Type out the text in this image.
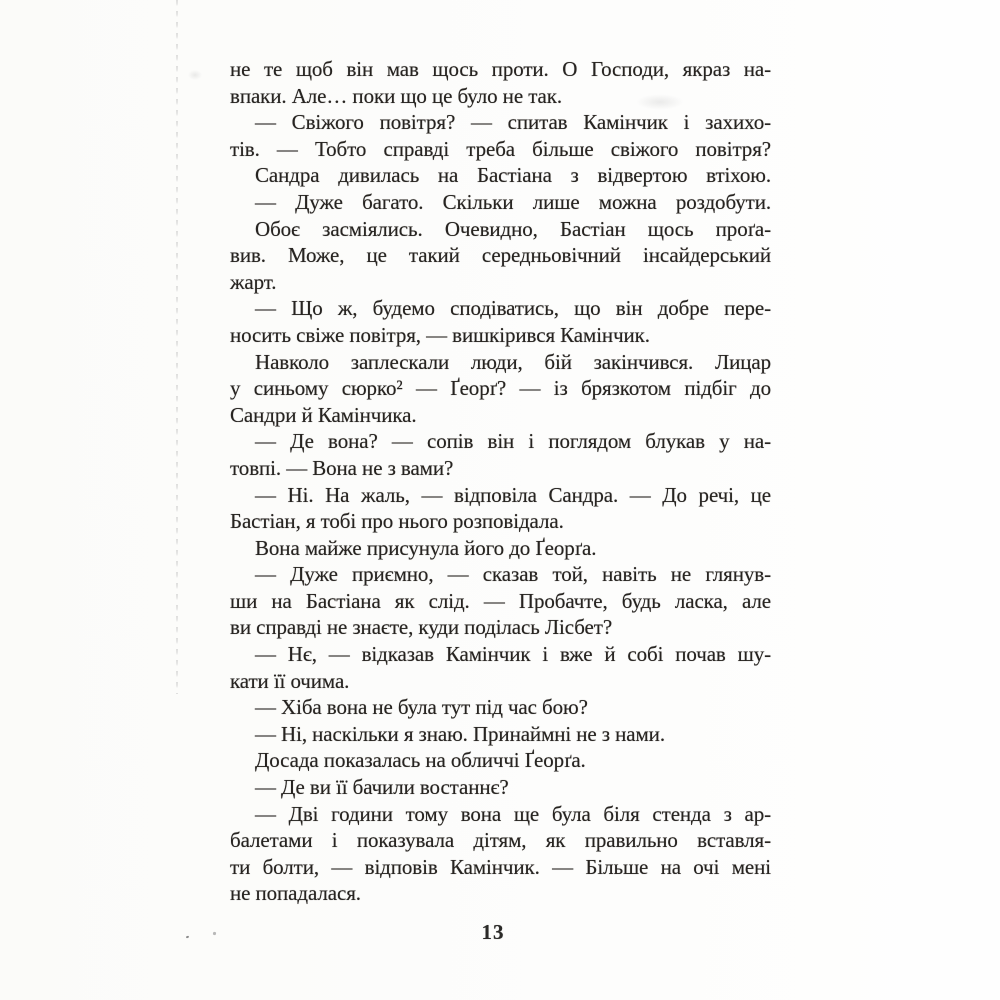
не те щоб він мав щось проти. О Господи, якраз на-
впаки. Але… поки що це було не так.
— Свіжого повітря? — спитав Камінчик і захихо-
тів. — Тобто справді треба більше свіжого повітря?
Сандра дивилась на Бастіана з відвертою втіхою.
— Дуже багато. Скільки лише можна роздобути.
Обоє засміялись. Очевидно, Бастіан щось проґа-
вив. Може, це такий середньовічний інсайдерський
жарт.
— Що ж, будемо сподіватись, що він добре пере-
носить свіже повітря, — вишкірився Камінчик.
Навколо заплескали люди, бій закінчився. Лицар
у синьому сюрко² — Ґеорґ? — із брязкотом підбіг до
Сандри й Камінчика.
— Де вона? — сопів він і поглядом блукав у на-
товпі. — Вона не з вами?
— Ні. На жаль, — відповіла Сандра. — До речі, це
Бастіан, я тобі про нього розповідала.
Вона майже присунула його до Ґеорґа.
— Дуже приємно, — сказав той, навіть не глянув-
ши на Бастіана як слід. — Пробачте, будь ласка, але
ви справді не знаєте, куди поділась Лісбет?
— Нє, — відказав Камінчик і вже й собі почав шу-
кати її очима.
— Хіба вона не була тут під час бою?
— Ні, наскільки я знаю. Принаймні не з нами.
Досада показалась на обличчі Ґеорґа.
— Де ви її бачили востаннє?
— Дві години тому вона ще була біля стенда з ар-
балетами і показувала дітям, як правильно вставля-
ти болти, — відповів Камінчик. — Більше на очі мені
не попадалася.
13
